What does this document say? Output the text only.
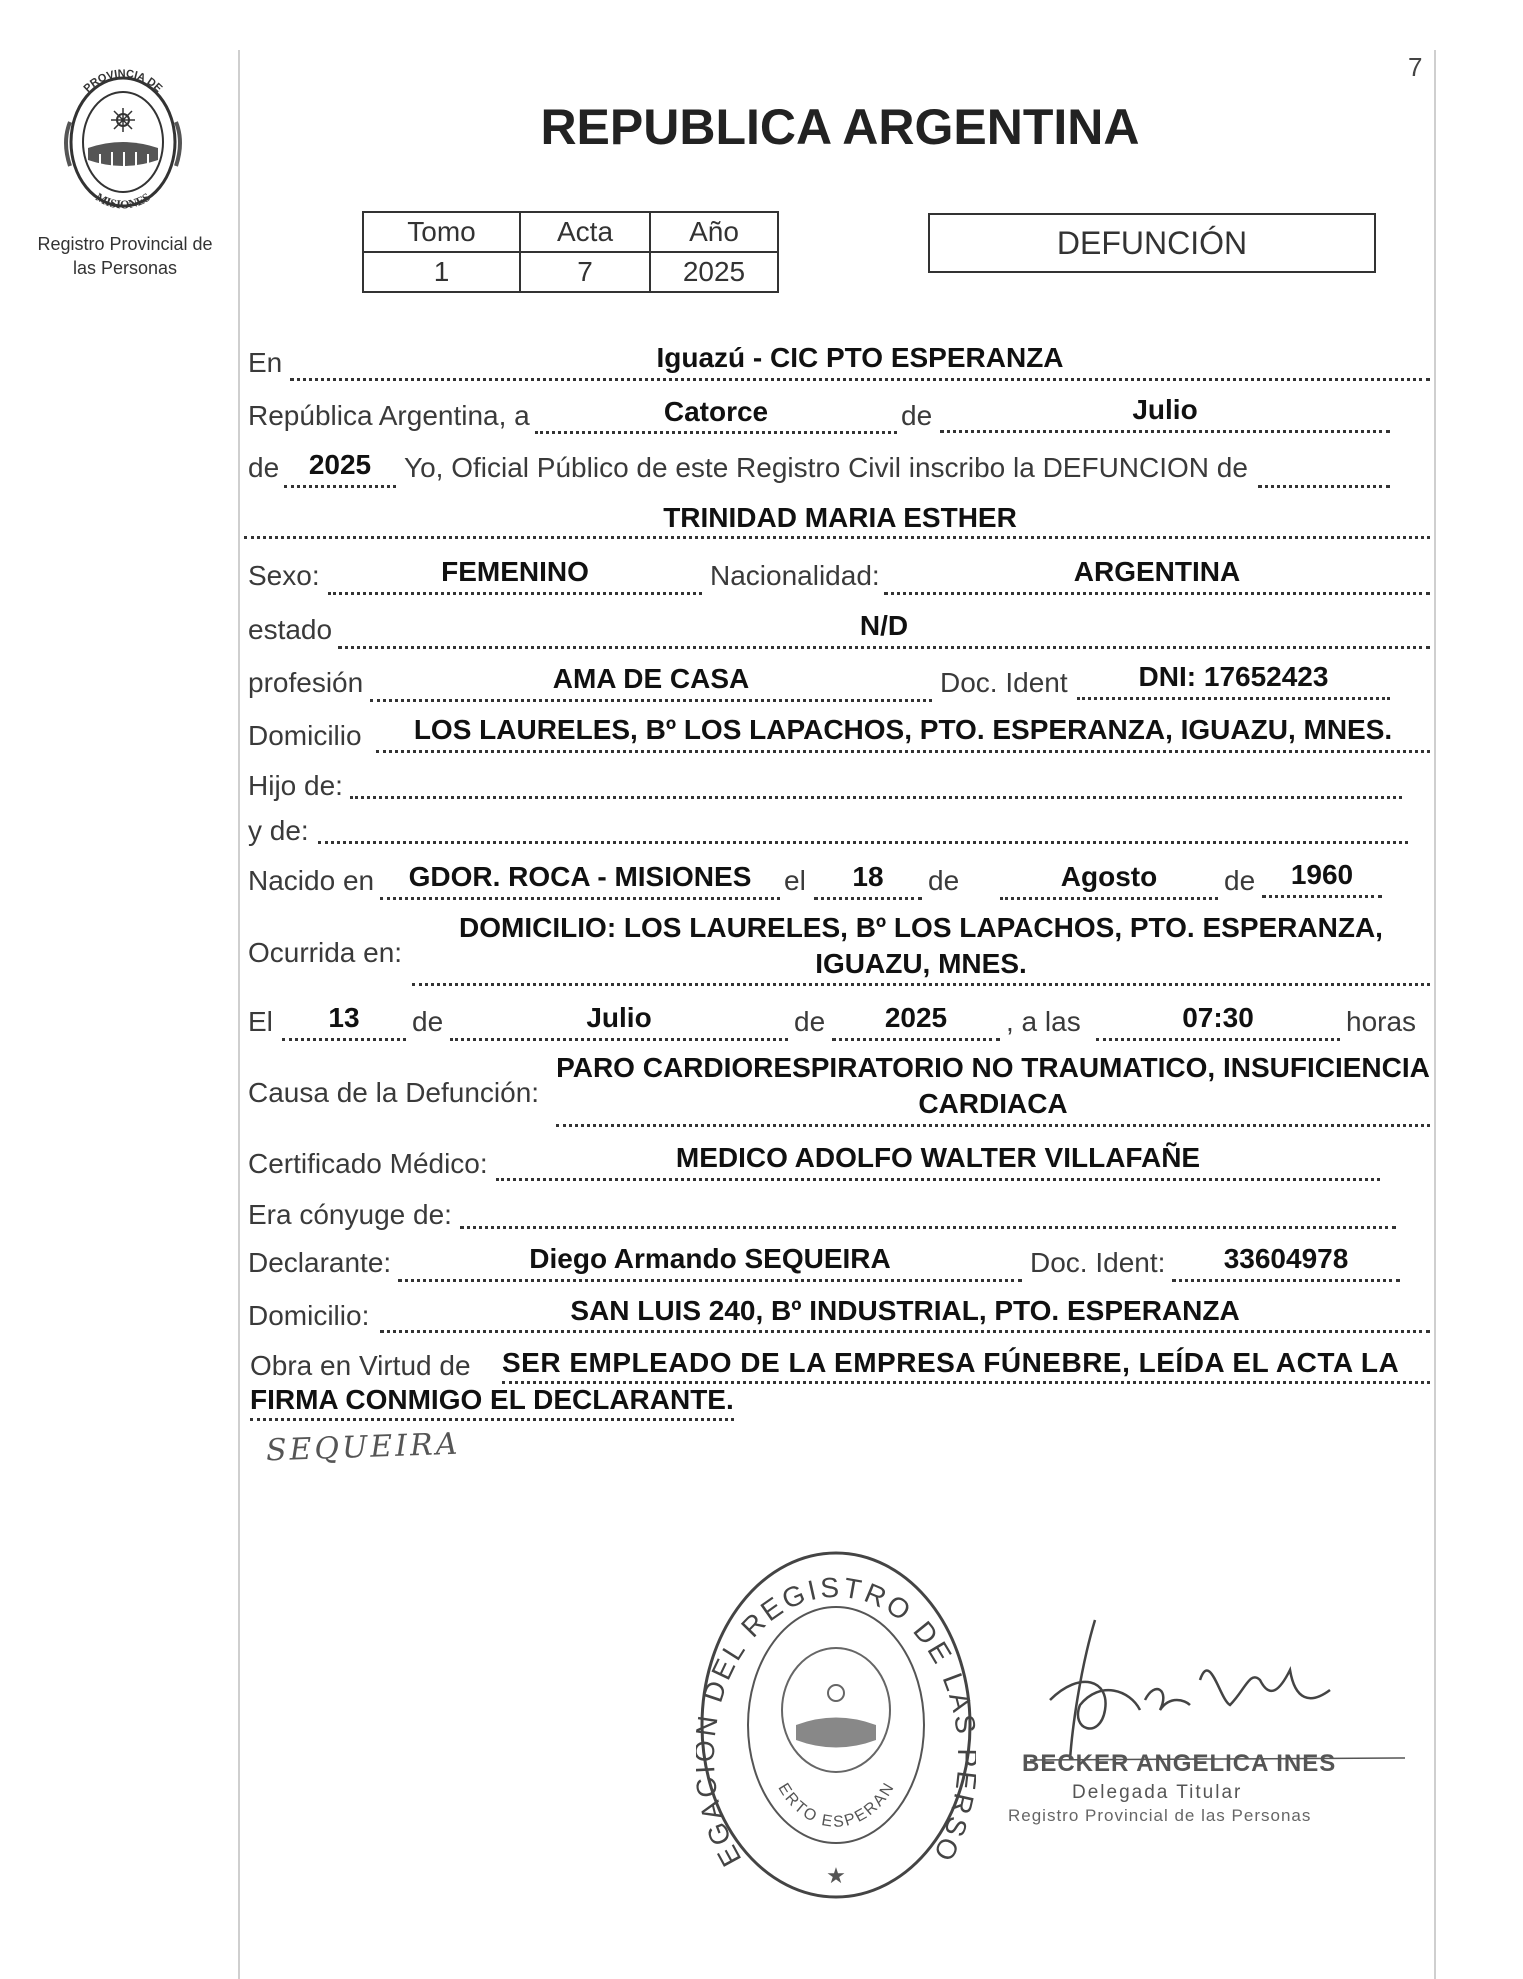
7
PROVINCIA DE
MISIONES
Registro Provincial de
las Personas
REPUBLICA ARGENTINA
Tomo	Acta	Año
1	7	2025
DEFUNCIÓN
En	Iguazú - CIC PTO ESPERANZA
República Argentina, a	Catorce	de	Julio
de	2025	Yo, Oficial Público de este Registro Civil inscribo la DEFUNCION de
TRINIDAD MARIA ESTHER
Sexo:	FEMENINO	Nacionalidad:	ARGENTINA
estado	N/D
profesión	AMA DE CASA	Doc. Ident	DNI: 17652423
Domicilio	LOS LAURELES, Bº LOS LAPACHOS, PTO. ESPERANZA, IGUAZU, MNES.
Hijo de:
y de:
Nacido en	GDOR. ROCA - MISIONES	el	18	de	Agosto	de	1960
Ocurrida en:
DOMICILIO: LOS LAURELES, Bº LOS LAPACHOS, PTO. ESPERANZA,
IGUAZU, MNES.
El	13	de	Julio	de	2025	, a las	07:30	horas
Causa de la Defunción:
PARO CARDIORESPIRATORIO NO TRAUMATICO, INSUFICIENCIA
CARDIACA
Certificado Médico:	MEDICO ADOLFO WALTER VILLAFAÑE
Era cónyuge de:
Declarante:	Diego Armando SEQUEIRA	Doc. Ident:	33604978
Domicilio:	SAN LUIS 240, Bº INDUSTRIAL, PTO. ESPERANZA
Obra en Virtud de SER EMPLEADO DE LA EMPRESA FÚNEBRE, LEÍDA EL ACTA LA
FIRMA CONMIGO EL DECLARANTE.
SEQUEIRA
EGA DEL REGISTRO DE LA SO
ERTO ESPERAN
★
BECKER ANGELICA INES
Delegada Titular
Registro Provincial de las Personas
